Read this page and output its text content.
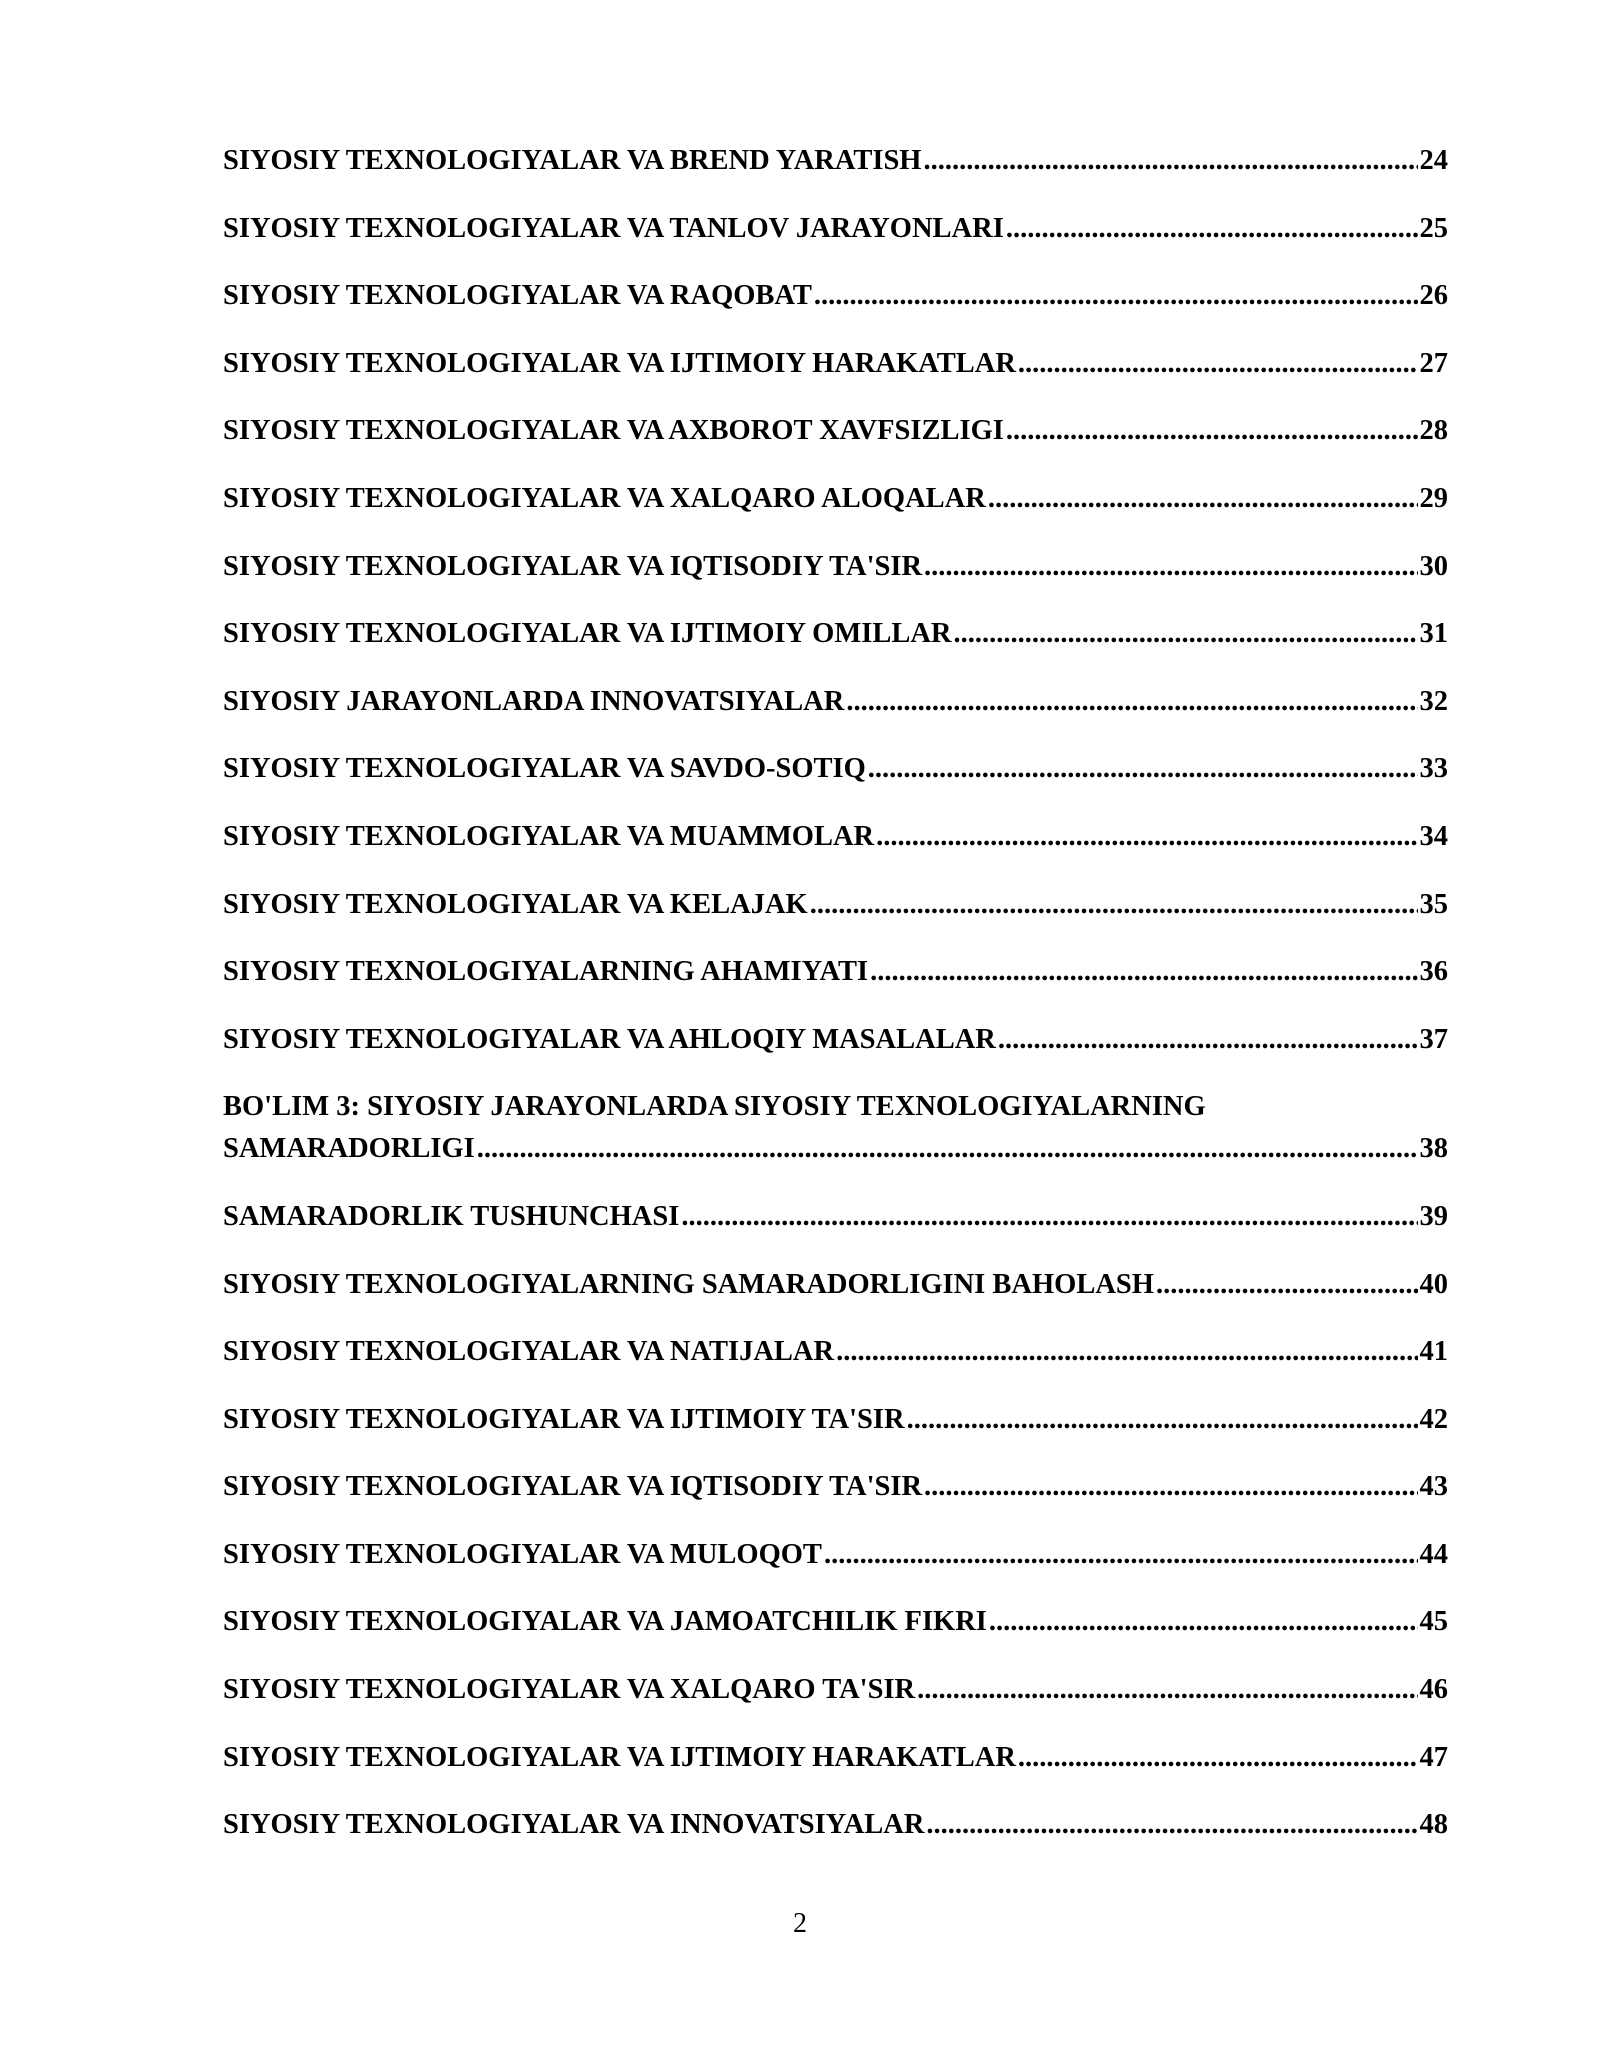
SIYOSIY TEXNOLOGIYALAR VA BREND YARATISH .....	24
SIYOSIY TEXNOLOGIYALAR VA TANLOV JARAYONLARI .....	25
SIYOSIY TEXNOLOGIYALAR VA RAQOBAT .....	26
SIYOSIY TEXNOLOGIYALAR VA IJTIMOIY HARAKATLAR .....	27
SIYOSIY TEXNOLOGIYALAR VA AXBOROT XAVFSIZLIGI .....	28
SIYOSIY TEXNOLOGIYALAR VA XALQARO ALOQALAR .....	29
SIYOSIY TEXNOLOGIYALAR VA IQTISODIY TA'SIR .....	30
SIYOSIY TEXNOLOGIYALAR VA IJTIMOIY OMILLAR .....	31
SIYOSIY JARAYONLARDA INNOVATSIYALAR .....	32
SIYOSIY TEXNOLOGIYALAR VA SAVDO-SOTIQ .....	33
SIYOSIY TEXNOLOGIYALAR VA MUAMMOLAR .....	34
SIYOSIY TEXNOLOGIYALAR VA KELAJAK .....	35
SIYOSIY TEXNOLOGIYALARNING AHAMIYATI .....	36
SIYOSIY TEXNOLOGIYALAR VA AHLOQIY MASALALAR .....	37
BO'LIM 3: SIYOSIY JARAYONLARDA SIYOSIY TEXNOLOGIYALARNING
SAMARADORLIGI .....	38
SAMARADORLIK TUSHUNCHASI .....	39
SIYOSIY TEXNOLOGIYALARNING SAMARADORLIGINI BAHOLASH .....	40
SIYOSIY TEXNOLOGIYALAR VA NATIJALAR .....	41
SIYOSIY TEXNOLOGIYALAR VA IJTIMOIY TA'SIR .....	42
SIYOSIY TEXNOLOGIYALAR VA IQTISODIY TA'SIR .....	43
SIYOSIY TEXNOLOGIYALAR VA MULOQOT .....	44
SIYOSIY TEXNOLOGIYALAR VA JAMOATCHILIK FIKRI .....	45
SIYOSIY TEXNOLOGIYALAR VA XALQARO TA'SIR .....	46
SIYOSIY TEXNOLOGIYALAR VA IJTIMOIY HARAKATLAR .....	47
SIYOSIY TEXNOLOGIYALAR VA INNOVATSIYALAR .....	48
2
